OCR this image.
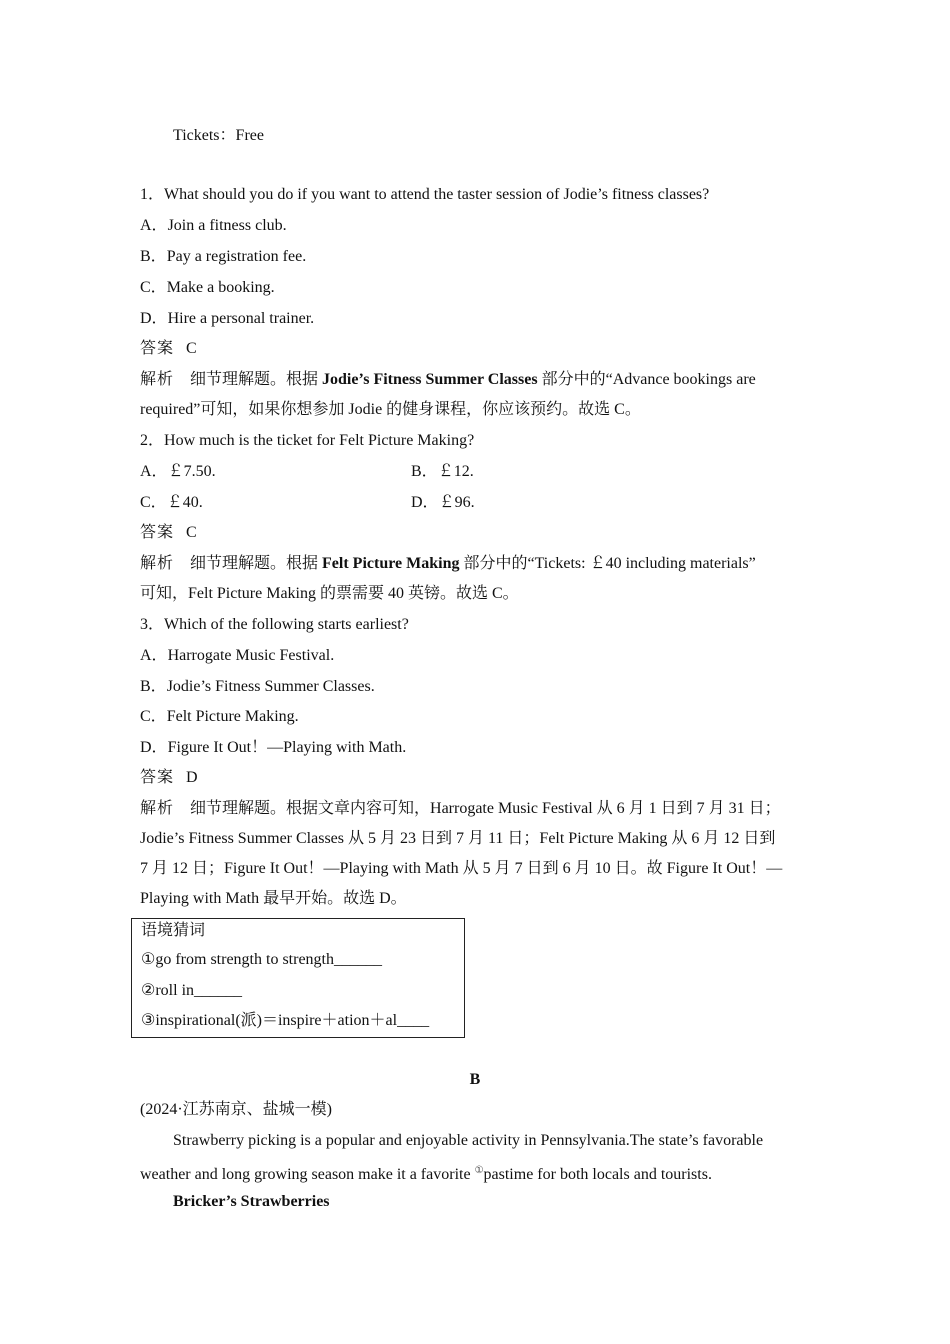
Tickets：Free
1．What should you do if you want to attend the taster session of Jodie’s fitness classes?
A．Join a fitness club.
B．Pay a registration fee.
C．Make a booking.
D．Hire a personal trainer.
答案 C
解析 细节理解题。根据 Jodie’s Fitness Summer Classes 部分中的“Advance bookings are
required”可知，如果你想参加 Jodie 的健身课程，你应该预约。故选 C。
2．How much is the ticket for Felt Picture Making?
A．￡7.50.	B．￡12.
C．￡40.	D．￡96.
答案 C
解析 细节理解题。根据 Felt Picture Making 部分中的“Tickets: ￡40 including materials”
可知，Felt Picture Making 的票需要 40 英镑。故选 C。
3．Which of the following starts earliest?
A．Harrogate Music Festival.
B．Jodie’s Fitness Summer Classes.
C．Felt Picture Making.
D．Figure It Out！—Playing with Math.
答案 D
解析 细节理解题。根据文章内容可知，Harrogate Music Festival 从 6 月 1 日到 7 月 31 日；
Jodie’s Fitness Summer Classes 从 5 月 23 日到 7 月 11 日；Felt Picture Making 从 6 月 12 日到
7 月 12 日；Figure It Out！—Playing with Math 从 5 月 7 日到 6 月 10 日。故 Figure It Out！—
Playing with Math 最早开始。故选 D。
语境猜词
①go from strength to strength______
②roll in______
③inspirational(派)＝inspire＋ation＋al____
B
(2024·江苏南京、盐城一模)
Strawberry picking is a popular and enjoyable activity in Pennsylvania.The state’s favorable
weather and long growing season make it a favorite ①pastime for both locals and tourists.
Bricker’s Strawberries
